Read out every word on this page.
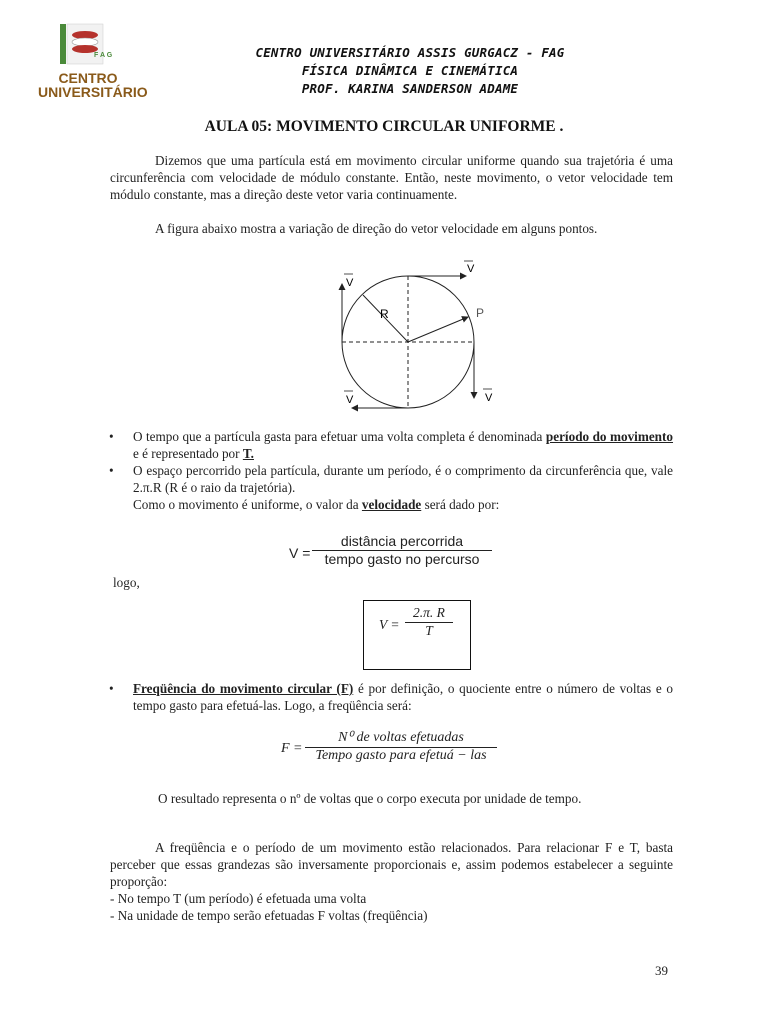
F A G
CENTRO
UNIVERSITÁRIO
CENTRO UNIVERSITÁRIO ASSIS GURGACZ - FAG
FÍSICA DINÂMICA E CINEMÁTICA
PROF. KARINA SANDERSON ADAME
AULA 05: MOVIMENTO CIRCULAR UNIFORME .
Dizemos que uma partícula está em movimento circular uniforme quando sua trajetória é uma circunferência com velocidade de módulo constante. Então, neste movimento, o vetor velocidade tem módulo constante, mas a direção deste vetor varia continuamente.
A figura abaixo mostra a variação de direção do vetor velocidade em alguns pontos.
V
V
V
V
R	P
• O tempo que a partícula gasta para efetuar uma volta completa é denominada período do movimento e é representado por T.
• O espaço percorrido pela partícula, durante um período, é o comprimento da circunferência que, vale 2.π.R (R é o raio da trajetória).
Como o movimento é uniforme, o valor da velocidade será dado por:
V =
distância percorrida
tempo gasto no percurso
logo,
$V = \frac{2.\pi. R}{T}$
• Freqüência do movimento circular (F) é por definição, o quociente entre o número de voltas e o tempo gasto para efetuá-las. Logo, a freqüência será:
F =
N⁰ de voltas efetuadas
Tempo gasto para efetuá − las
O resultado representa o nº de voltas que o corpo executa por unidade de tempo.
A freqüência e o período de um movimento estão relacionados. Para relacionar F e T, basta perceber que essas grandezas são inversamente proporcionais e, assim podemos estabelecer a seguinte proporção:
- No tempo T (um período) é efetuada uma volta
- Na unidade de tempo serão efetuadas F voltas (freqüência)
39
